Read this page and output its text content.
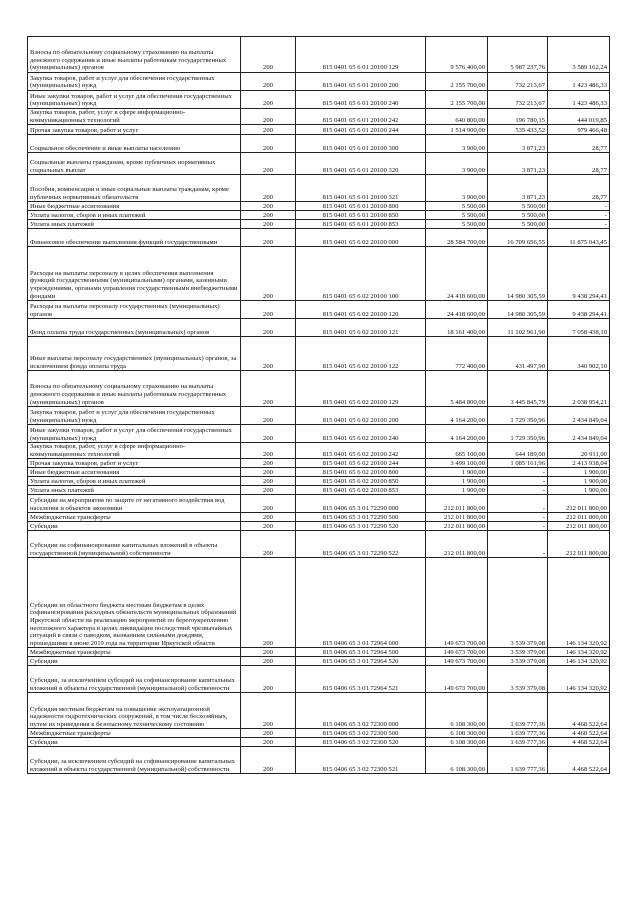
Взносы по обязательному социальному страхованию на выплаты денежного содержания и иные выплаты работникам государственных (муниципальных) органов	200	815 0401 65 6 01 20100 129	9 576 400,00	5 987 237,76	3 589 162,24
Закупка товаров, работ и услуг для обеспечения государственных (муниципальных) нужд	200	815 0401 65 6 01 20100 200	2 155 700,00	732 213,67	1 423 486,33
Иные закупки товаров, работ и услуг для обеспечения государственных (муниципальных) нужд	200	815 0401 65 6 01 20100 240	2 155 700,00	732 213,67	1 423 486,33
Закупка товаров, работ, услуг в сфере информационно-коммуникационных технологий	200	815 0401 65 6 01 20100 242	640 800,00	196 780,15	444 019,85
Прочая закупка товаров, работ и услуг	200	815 0401 65 6 01 20100 244	1 514 900,00	535 433,52	979 466,48
Социальное обеспечение и иные выплаты населению	200	815 0401 65 6 01 20100 300	3 900,00	3 871,23	28,77
Социальные выплаты гражданам, кроме публичных нормативных социальных выплат	200	815 0401 65 6 01 20100 320	3 900,00	3 871,23	28,77
Пособия, компенсации и иные социальные выплаты гражданам, кроме публичных нормативных обязательств	200	815 0401 65 6 01 20100 321	3 900,00	3 871,23	28,77
Иные бюджетные ассигнования	200	815 0401 65 6 01 20100 800	5 500,00	5 500,00	-
Уплата налогов, сборов и иных платежей	200	815 0401 65 6 01 20100 850	5 500,00	5 500,00	-
Уплата иных платежей	200	815 0401 65 6 01 20100 853	5 500,00	5 500,00	-
Финансовое обеспечение выполнения функций государственными	200	815 0401 65 6 02 20100 000	28 584 700,00	16 709 656,55	11 875 043,45
Расходы на выплаты персоналу в целях обеспечения выполнения функций государственными (муниципальными) органами, казенными учреждениями, органами управления государственными внебюджетными фондами	200	815 0401 65 6 02 20100 100	24 418 600,00	14 980 305,59	9 438 294,41
Расходы на выплаты персоналу государственных (муниципальных) органов	200	815 0401 65 6 02 20100 120	24 418 600,00	14 980 305,59	9 438 294,41
Фонд оплаты труда государственных (муниципальных) органов	200	815 0401 65 6 02 20100 121	18 161 400,00	11 102 961,90	7 058 438,10
Иные выплаты персоналу государственных (муниципальных) органов, за исключением фонда оплаты труда	200	815 0401 65 6 02 20100 122	772 400,00	431 497,90	340 902,10
Взносы по обязательному социальному страхованию на выплаты денежного содержания и иные выплаты работникам государственных (муниципальных) органов	200	815 0401 65 6 02 20100 129	5 484 800,00	3 445 845,79	2 038 954,21
Закупка товаров, работ и услуг для обеспечения государственных (муниципальных) нужд	200	815 0401 65 6 02 20100 200	4 164 200,00	1 729 350,96	2 434 849,04
Иные закупки товаров, работ и услуг для обеспечения государственных (муниципальных) нужд	200	815 0401 65 6 02 20100 240	4 164 200,00	1 729 350,96	2 434 849,04
Закупка товаров, работ, услуг в сфере информационно-коммуникационных технологий	200	815 0401 65 6 02 20100 242	665 100,00	644 189,00	20 911,00
Прочая закупка товаров, работ и услуг	200	815 0401 65 6 02 20100 244	3 499 100,00	1 085 161,96	2 413 938,04
Иные бюджетные ассигнования	200	815 0401 65 6 02 20100 800	1 900,00	-	1 900,00
Уплата налогов, сборов и иных платежей	200	815 0401 65 6 02 20100 850	1 900,00	-	1 900,00
Уплата иных платежей	200	815 0401 65 6 02 20100 853	1 900,00	-	1 900,00
Субсидии на мероприятия по защите от негативного воздействия вод населения и объектов экономики	200	815 0406 65 3 01 72290 000	212 011 800,00	-	212 011 800,00
Межбюджетные трансферты	200	815 0406 65 3 01 72290 500	212 011 800,00	-	212 011 800,00
Субсидии	200	815 0406 65 3 01 72290 520	212 011 800,00	-	212 011 800,00
Субсидии на софинансирование капитальных вложений в объекты государственной (муниципальной) собственности	200	815 0406 65 3 01 72290 522	212 011 800,00	-	212 011 800,00
Субсидии из областного бюджета местным бюджетам в целях софинансирования расходных обязательств муниципальных образований Иркутской области на реализацию мероприятий по берегоукреплению неотложного характера в целях ликвидации последствий чрезвычайных ситуаций в связи с паводком, вызванным сильными дождями, прошедшими в июне 2019 года на территории Иркутской области	200	815 0406 65 3 01 72964 000	149 673 700,00	3 539 379,08	146 134 320,92
Межбюджетные трансферты	200	815 0406 65 3 01 72964 500	149 673 700,00	3 539 379,08	146 134 320,92
Субсидии	200	815 0406 65 3 01 72964 520	149 673 700,00	3 539 379,08	146 134 320,92
Субсидии, за исключением субсидий на софинансирование капитальных вложений в объекты государственной (муниципальной) собственности	200	815 0406 65 3 01 72964 521	149 673 700,00	3 539 379,08	146 134 320,92
Субсидия местным бюджетам на повышение эксплуатационной надежности гидротехнических сооружений, в том числе бесхозяйных, путем их приведения к безопасному техническому состоянию	200	815 0406 65 3 02 72300 000	6 108 300,00	1 639 777,36	4 468 522,64
Межбюджетные трансферты	200	815 0406 65 3 02 72300 500	6 108 300,00	1 639 777,36	4 468 522,64
Субсидии	200	815 0406 65 3 02 72300 520	6 108 300,00	1 639 777,36	4 468 522,64
Субсидии, за исключением субсидий на софинансирование капитальных вложений в объекты государственной (муниципальной) собственности	200	815 0406 65 3 02 72300 521	6 108 300,00	1 639 777,36	4 468 522,64
